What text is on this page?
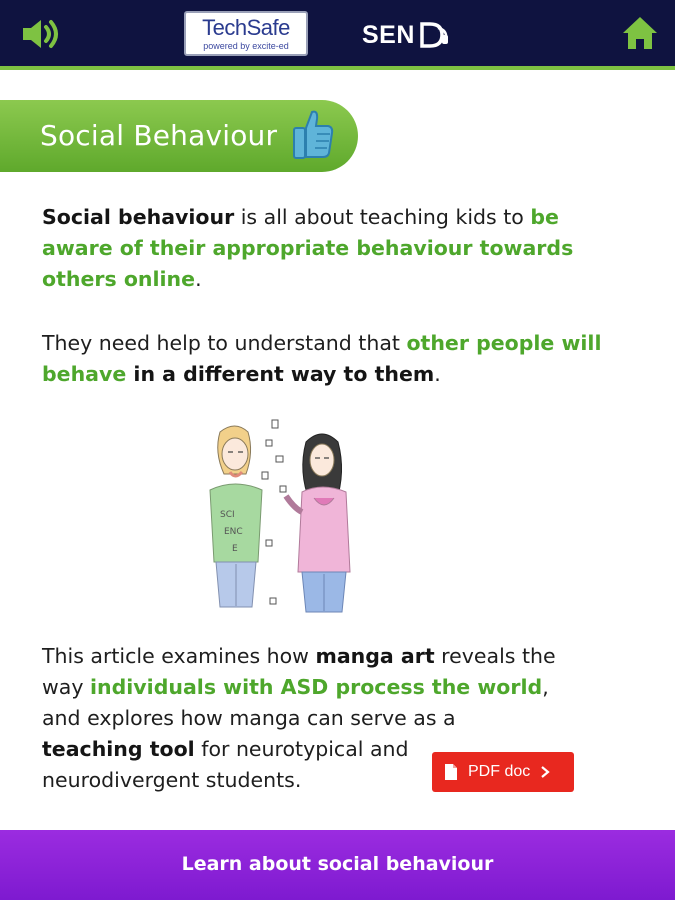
TechSafe
powered by excite-ed	SEN
Social Behaviour
Social behaviour is all about teaching kids to be aware of their appropriate behaviour towards others online.
They need help to understand that other people will behave in a different way to them.
SCI
ENC
E
This article examines how manga art reveals the way individuals with ASD process the world, and explores how manga can serve as a
teaching tool for neurotypical and neurodivergent students.	PDF doc
Learn about social behaviour
